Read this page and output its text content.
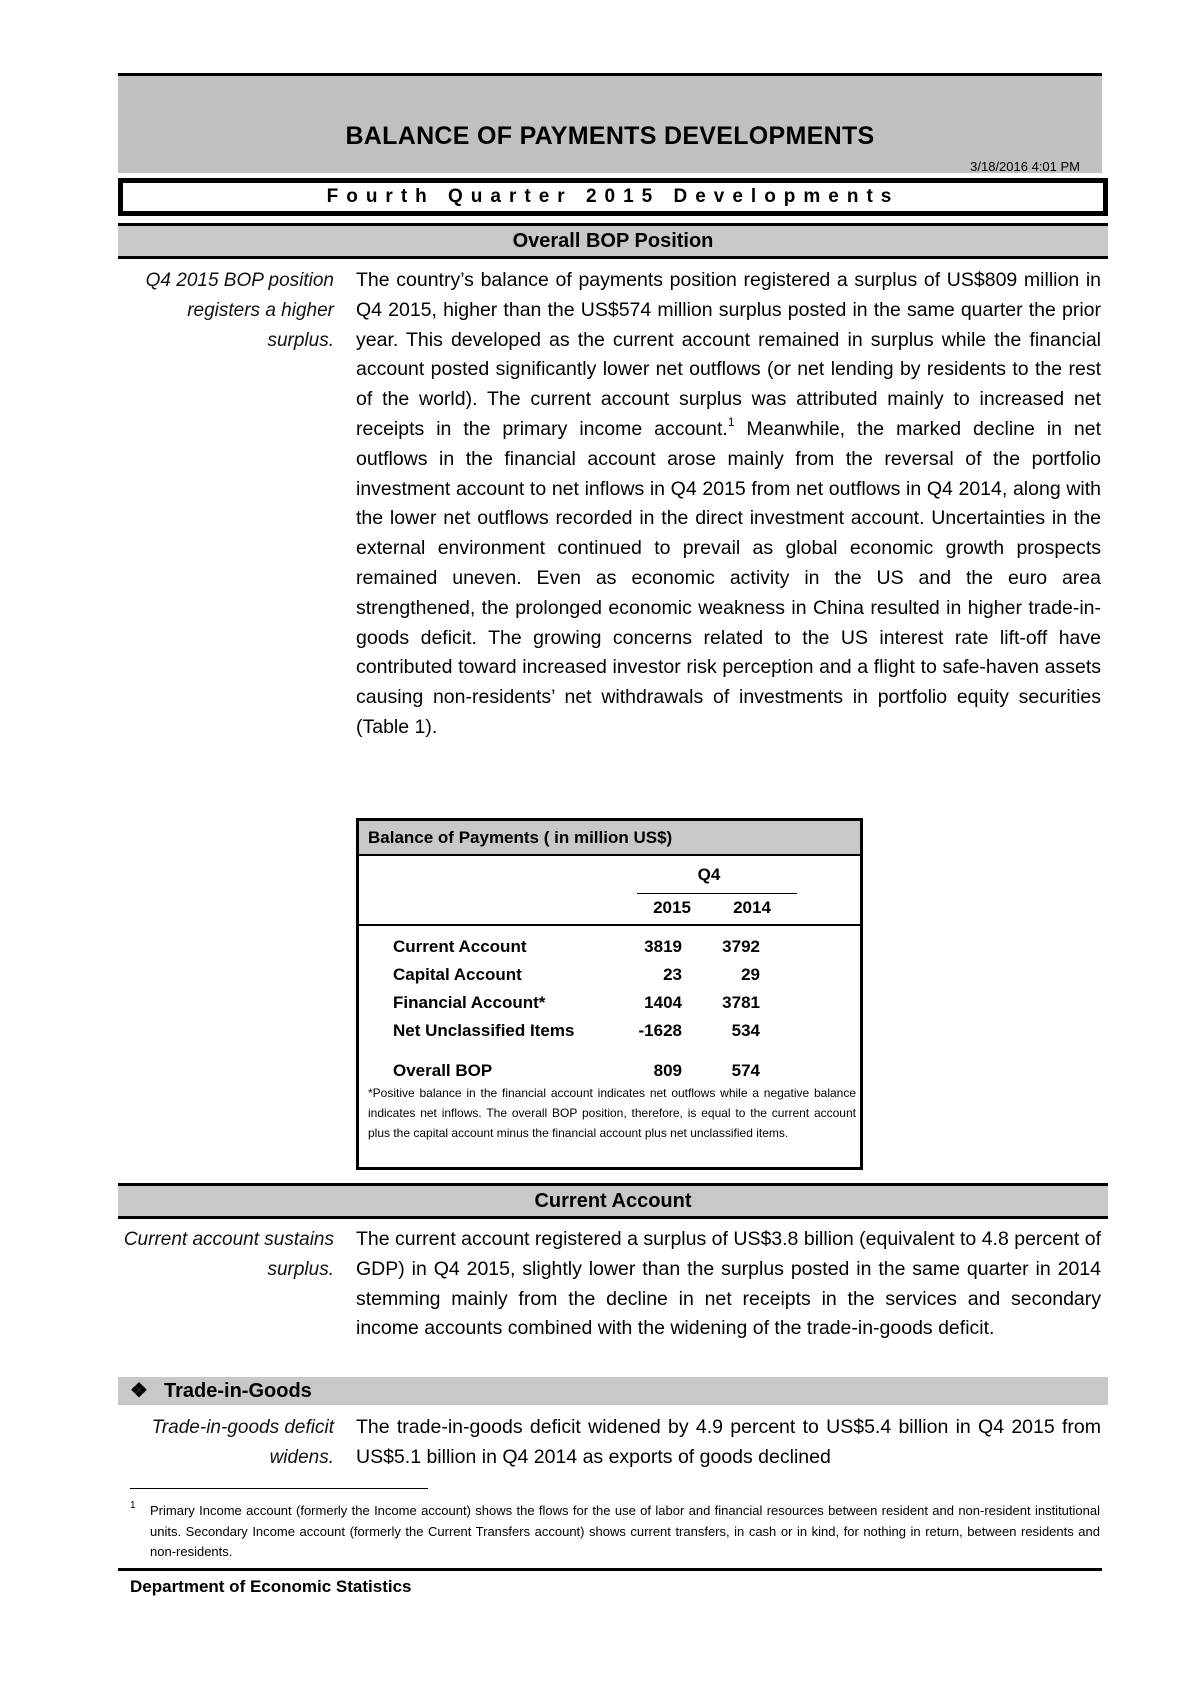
BALANCE OF PAYMENTS DEVELOPMENTS
3/18/2016 4:01 PM
Fourth Quarter 2015 Developments
Overall BOP Position
Q4 2015 BOP position registers a higher surplus.
The country’s balance of payments position registered a surplus of US$809 million in Q4 2015, higher than the US$574 million surplus posted in the same quarter the prior year. This developed as the current account remained in surplus while the financial account posted significantly lower net outflows (or net lending by residents to the rest of the world). The current account surplus was attributed mainly to increased net receipts in the primary income account.$^1$ Meanwhile, the marked decline in net outflows in the financial account arose mainly from the reversal of the portfolio investment account to net inflows in Q4 2015 from net outflows in Q4 2014, along with the lower net outflows recorded in the direct investment account. Uncertainties in the external environment continued to prevail as global economic growth prospects remained uneven. Even as economic activity in the US and the euro area strengthened, the prolonged economic weakness in China resulted in higher trade-in-goods deficit. The growing concerns related to the US interest rate lift-off have contributed toward increased investor risk perception and a flight to safe-haven assets causing non-residents’ net withdrawals of investments in portfolio equity securities (Table 1).
Balance of Payments ( in million US$)
Q4
2015	2014
Current Account	3819	3792
Capital Account	23	29
Financial Account*	1404	3781
Net Unclassified Items	-1628	534
Overall BOP	809	574
*Positive balance in the financial account indicates net outflows while a negative balance indicates net inflows. The overall BOP position, therefore, is equal to the current account plus the capital account minus the financial account plus net unclassified items.
Current Account
Current account sustains surplus.
The current account registered a surplus of US$3.8 billion (equivalent to 4.8 percent of GDP) in Q4 2015, slightly lower than the surplus posted in the same quarter in 2014 stemming mainly from the decline in net receipts in the services and secondary income accounts combined with the widening of the trade-in-goods deficit.
❖ Trade-in-Goods
Trade-in-goods deficit widens.
The trade-in-goods deficit widened by 4.9 percent to US$5.4 billion in Q4 2015 from US$5.1 billion in Q4 2014 as exports of goods declined
1 Primary Income account (formerly the Income account) shows the flows for the use of labor and financial resources between resident and non-resident institutional units. Secondary Income account (formerly the Current Transfers account) shows current transfers, in cash or in kind, for nothing in return, between residents and non-residents.
Department of Economic Statistics
